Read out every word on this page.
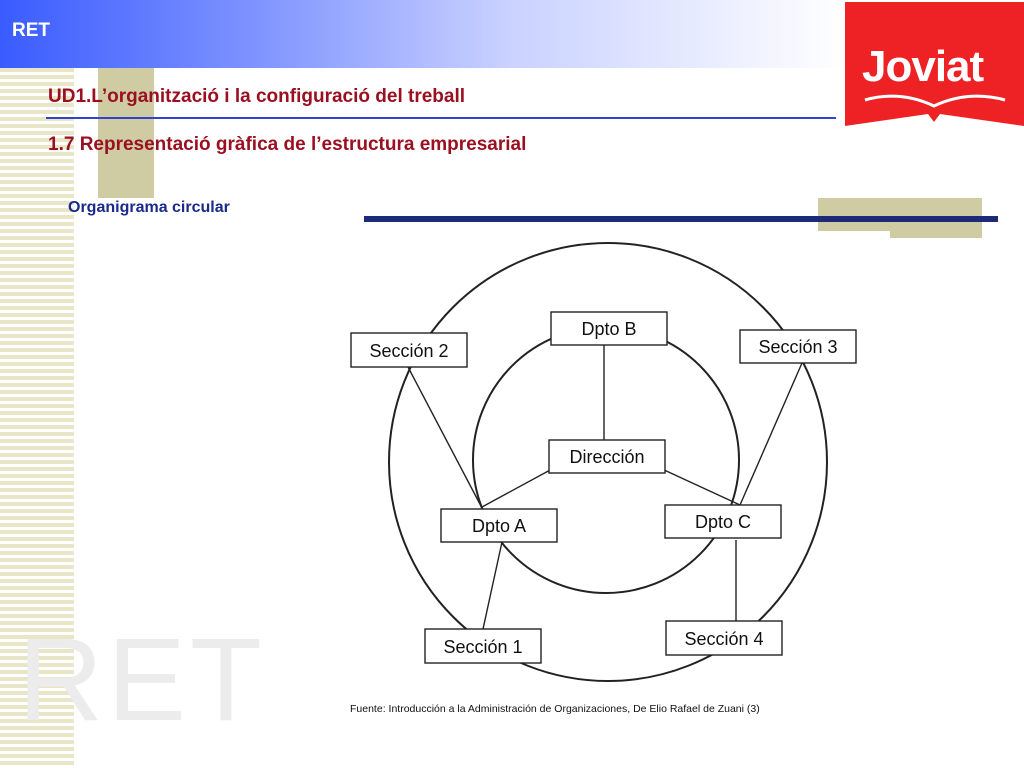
RET
Joviat
UD1.L’organització i la configuració del treball
1.7 Representació gràfica de l’estructura empresarial
Organigrama circular
RET
Dpto B
Sección 2	Sección 3
Dirección
Dpto A	Dpto C
Sección 1	Sección 4
Fuente: Introducción a la Administración de Organizaciones, De Elio Rafael de Zuani (3)
